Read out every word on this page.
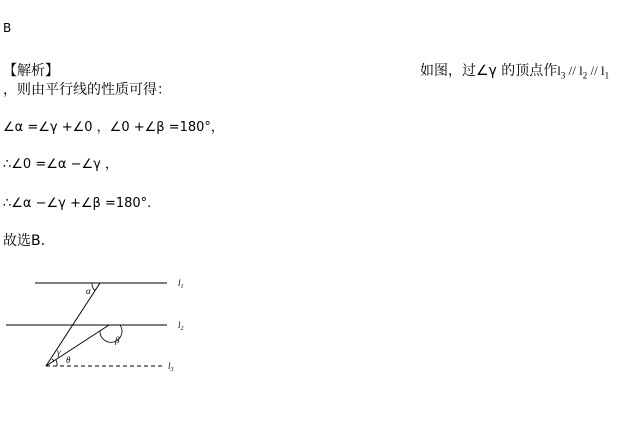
B
【解析】	如图，过∠γ 的顶点作$l_3 // l_2 // l_1$
，则由平行线的性质可得：
∠α =∠γ +∠0 ，∠0 +∠β =180°，
∴∠0 =∠α −∠γ ，
∴∠α −∠γ +∠β =180°.
故选B.
$l_1$
$l_2$
$l_3$
α
β
γ
θ
